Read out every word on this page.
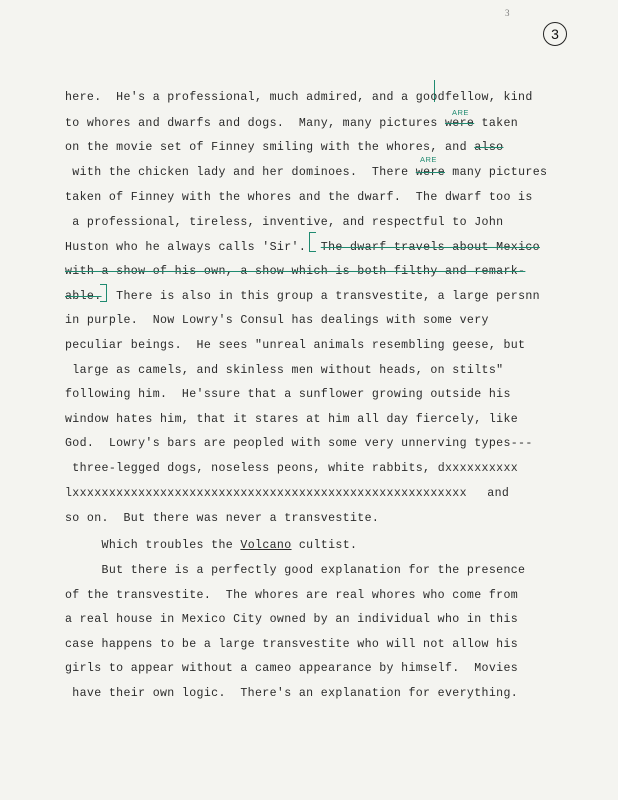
3
3
ARE
ARE
here.  He's a professional, much admired, and a goodfellow, kind
to whores and dwarfs and dogs.  Many, many pictures were taken
on the movie set of Finney smiling with the whores, and also
with the chicken lady and her dominoes.  There were many pictures
taken of Finney with the whores and the dwarf.  The dwarf too is
a professional, tireless, inventive, and respectful to John
Huston who he always calls 'Sir'.  The dwarf travels about Mexico
with a show of his own, a show which is both filthy and remark-
able.  There is also in this group a transvestite, a large persnn
in purple.  Now Lowry's Consul has dealings with some very
peculiar beings.  He sees "unreal animals resembling geese, but
large as camels, and skinless men without heads, on stilts"
following him.  He'ssure that a sunflower growing outside his
window hates him, that it stares at him all day fiercely, like
God.  Lowry's bars are peopled with some very unnerving types---
three-legged dogs, noseless peons, white rabbits, dxxxxxxxxxx
lxxxxxxxxxxxxxxxxxxxxxxxxxxxxxxxxxxxxxxxxxxxxxxxxxxxxxx and
so on.  But there was never a transvestite.
Which troubles the Volcano cultist.
But there is a perfectly good explanation for the presence
of the transvestite.  The whores are real whores who come from
a real house in Mexico City owned by an individual who in this
case happens to be a large transvestite who will not allow his
girls to appear without a cameo appearance by himself.  Movies
have their own logic.  There's an explanation for everything.
